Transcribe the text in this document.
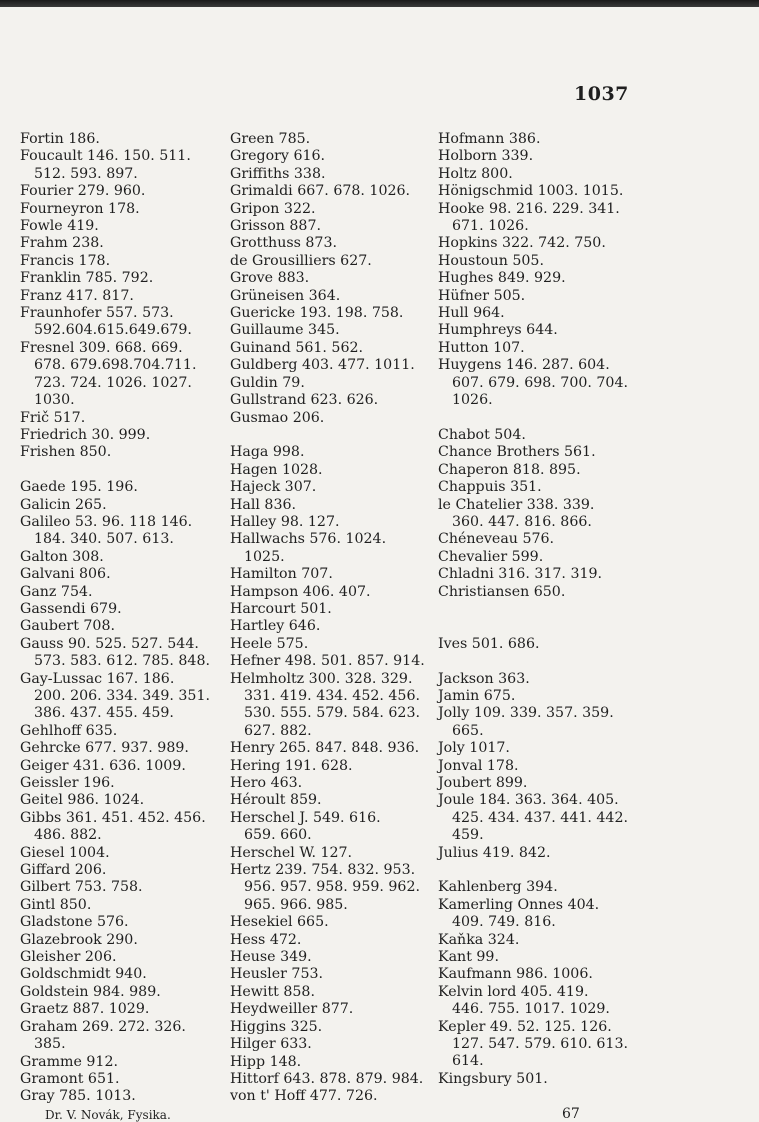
1037
Fortin 186.
Foucault 146. 150. 511.
512. 593. 897.
Fourier 279. 960.
Fourneyron 178.
Fowle 419.
Frahm 238.
Francis 178.
Franklin 785. 792.
Franz 417. 817.
Fraunhofer 557. 573.
592.604.615.649.679.
Fresnel 309. 668. 669.
678. 679.698.704.711.
723. 724. 1026. 1027.
1030.
Frič 517.
Friedrich 30. 999.
Frishen 850.
Gaede 195. 196.
Galicin 265.
Galileo 53. 96. 118 146.
184. 340. 507. 613.
Galton 308.
Galvani 806.
Ganz 754.
Gassendi 679.
Gaubert 708.
Gauss 90. 525. 527. 544.
573. 583. 612. 785. 848.
Gay-Lussac 167. 186.
200. 206. 334. 349. 351.
386. 437. 455. 459.
Gehlhoff 635.
Gehrcke 677. 937. 989.
Geiger 431. 636. 1009.
Geissler 196.
Geitel 986. 1024.
Gibbs 361. 451. 452. 456.
486. 882.
Giesel 1004.
Giffard 206.
Gilbert 753. 758.
Gintl 850.
Gladstone 576.
Glazebrook 290.
Gleisher 206.
Goldschmidt 940.
Goldstein 984. 989.
Graetz 887. 1029.
Graham 269. 272. 326.
385.
Gramme 912.
Gramont 651.
Gray 785. 1013.
Green 785.
Gregory 616.
Griffiths 338.
Grimaldi 667. 678. 1026.
Gripon 322.
Grisson 887.
Grotthuss 873.
de Grousilliers 627.
Grove 883.
Grüneisen 364.
Guericke 193. 198. 758.
Guillaume 345.
Guinand 561. 562.
Guldberg 403. 477. 1011.
Guldin 79.
Gullstrand 623. 626.
Gusmao 206.
Haga 998.
Hagen 1028.
Hajeck 307.
Hall 836.
Halley 98. 127.
Hallwachs 576. 1024.
1025.
Hamilton 707.
Hampson 406. 407.
Harcourt 501.
Hartley 646.
Heele 575.
Hefner 498. 501. 857. 914.
Helmholtz 300. 328. 329.
331. 419. 434. 452. 456.
530. 555. 579. 584. 623.
627. 882.
Henry 265. 847. 848. 936.
Hering 191. 628.
Hero 463.
Héroult 859.
Herschel J. 549. 616.
659. 660.
Herschel W. 127.
Hertz 239. 754. 832. 953.
956. 957. 958. 959. 962.
965. 966. 985.
Hesekiel 665.
Hess 472.
Heuse 349.
Heusler 753.
Hewitt 858.
Heydweiller 877.
Higgins 325.
Hilger 633.
Hipp 148.
Hittorf 643. 878. 879. 984.
von t' Hoff 477. 726.
Hofmann 386.
Holborn 339.
Holtz 800.
Hönigschmid 1003. 1015.
Hooke 98. 216. 229. 341.
671. 1026.
Hopkins 322. 742. 750.
Houstoun 505.
Hughes 849. 929.
Hüfner 505.
Hull 964.
Humphreys 644.
Hutton 107.
Huygens 146. 287. 604.
607. 679. 698. 700. 704.
1026.
Chabot 504.
Chance Brothers 561.
Chaperon 818. 895.
Chappuis 351.
le Chatelier 338. 339.
360. 447. 816. 866.
Chéneveau 576.
Chevalier 599.
Chladni 316. 317. 319.
Christiansen 650.
Ives 501. 686.
Jackson 363.
Jamin 675.
Jolly 109. 339. 357. 359.
665.
Joly 1017.
Jonval 178.
Joubert 899.
Joule 184. 363. 364. 405.
425. 434. 437. 441. 442.
459.
Julius 419. 842.
Kahlenberg 394.
Kamerling Onnes 404.
409. 749. 816.
Kaňka 324.
Kant 99.
Kaufmann 986. 1006.
Kelvin lord 405. 419.
446. 755. 1017. 1029.
Kepler 49. 52. 125. 126.
127. 547. 579. 610. 613.
614.
Kingsbury 501.
Dr. V. Novák, Fysika.	67
